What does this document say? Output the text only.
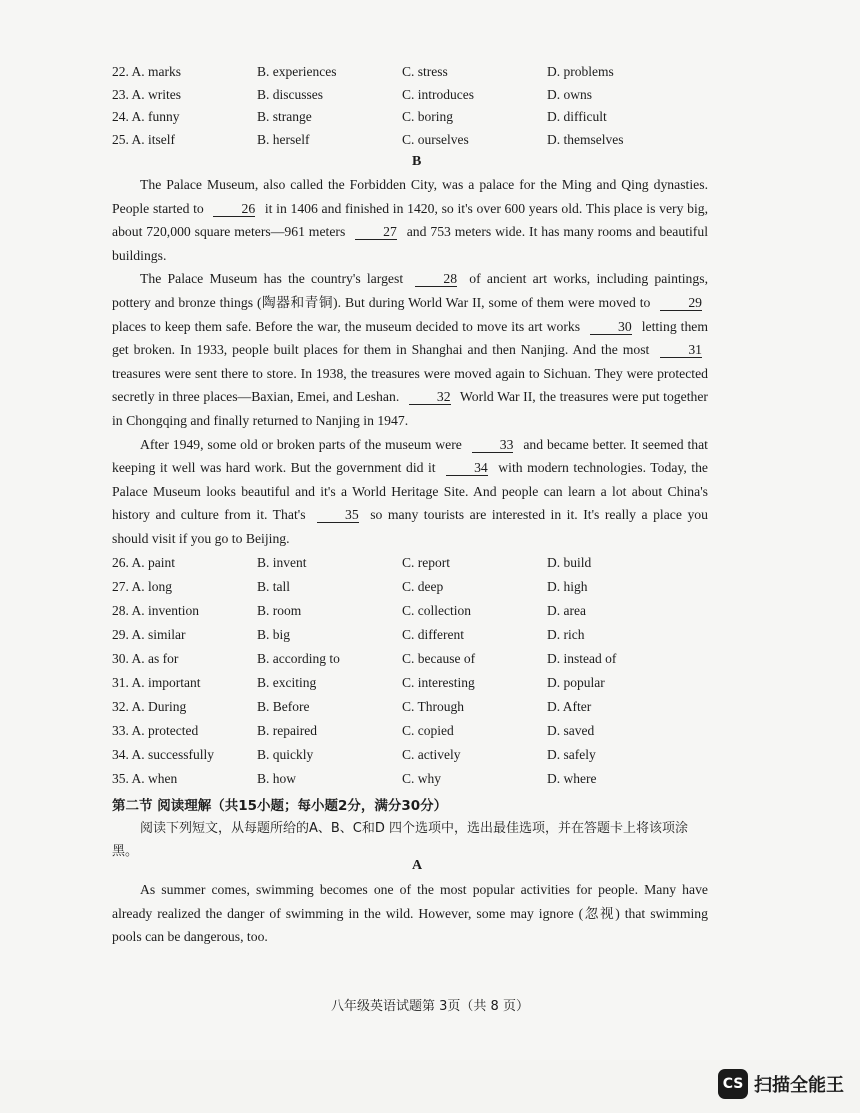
22. A. marks	B. experiences	C. stress	D. problems
23. A. writes	B. discusses	C. introduces	D. owns
24. A. funny	B. strange	C. boring	D. difficult
25. A. itself	B. herself	C. ourselves	D. themselves
B

The Palace Museum, also called the Forbidden City, was a palace for the Ming and Qing dynasties. People started to	26 it in 1406 and finished in 1420, so it's over 600 years old. This place is very big, about 720,000 square meters—961 meters	27 and 753 meters wide. It has many rooms and beautiful buildings.

The Palace Museum has the country's largest	28 of ancient art works, including paintings, pottery and bronze things (陶器和青铜). But during World War II, some of them were moved to	29 places to keep them safe. Before the war, the museum decided to move its art works	30 letting them get broken. In 1933, people built places for them in Shanghai and then Nanjing. And the most	31 treasures were sent there to store. In 1938, the treasures were moved again to Sichuan. They were protected secretly in three places—Baxian, Emei, and Leshan.	32 World War II, the treasures were put together in Chongqing and finally returned to Nanjing in 1947.

After 1949, some old or broken parts of the museum were	33 and became better. It seemed that keeping it well was hard work. But the government did it	34 with modern technologies. Today, the Palace Museum looks beautiful and it's a World Heritage Site. And people can learn a lot about China's history and culture from it. That's	35 so many tourists are interested in it. It's really a place you should visit if you go to Beijing.

26. A. paint	B. invent	C. report	D. build
27. A. long	B. tall	C. deep	D. high
28. A. invention	B. room	C. collection	D. area
29. A. similar	B. big	C. different	D. rich
30. A. as for	B. according to	C. because of	D. instead of
31. A. important	B. exciting	C. interesting	D. popular
32. A. During	B. Before	C. Through	D. After
33. A. protected	B. repaired	C. copied	D. saved
34. A. successfully	B. quickly	C. actively	D. safely
35. A. when	B. how	C. why	D. where
第二节 阅读理解（共15小题；每小题2分，满分30分）
阅读下列短文，从每题所给的A、B、C和D 四个选项中，选出最佳选项，并在答题卡上将该项涂黑。
A

As summer comes, swimming becomes one of the most popular activities for people. Many have already realized the danger of swimming in the wild. However, some may ignore (忽视) that swimming pools can be dangerous, too.

八年级英语试题第 3页（共 8 页）
CS 扫描全能王
